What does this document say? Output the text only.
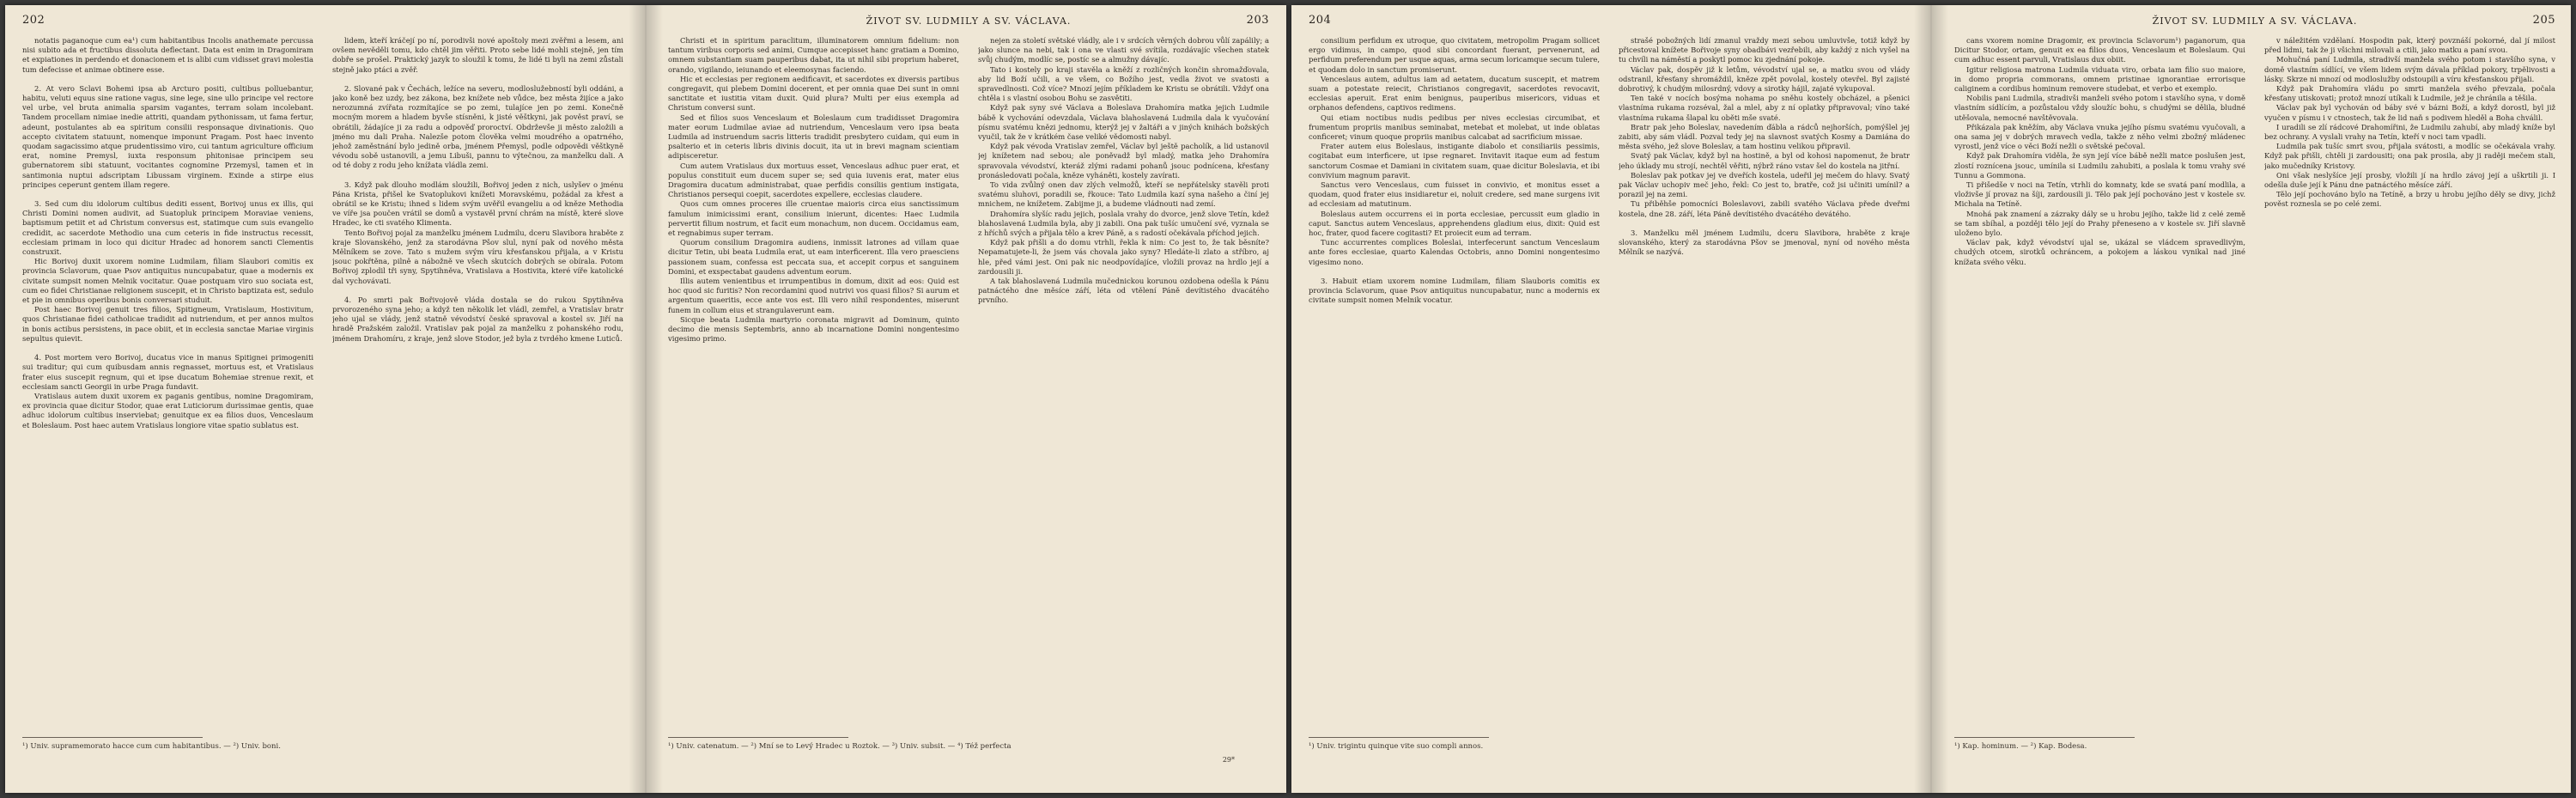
202

notatis paganoque cum ea¹) cum habitantibus Incolis anathemate percussa nisi subito ada et fructibus dissoluta deflectant. Data est enim in Dragomiram et expiationes in perdendo et donacionem et is alibi cum vidisset gravi molestia tum defecisse et animae obtinere esse.

2. At vero Sclavi Bohemi ipsa ab Arcturo positi, cultibus polluebantur, habitu, veluti equus sine ratione vagus, sine lege, sine ullo principe vel rectore vel urbe, vel bruta animalia sparsim vagantes, terram solam incolebant. Tandem procellam nimiae inedie attriti, quandam pythonissam, ut fama fertur, adeunt, postulantes ab ea spiritum consilii responsaque divinationis. Quo accepto civitatem statuunt, nomenque imponunt Pragam. Post haec invento quodam sagacissimo atque prudentissimo viro, cui tantum agriculture officium erat, nomine Premysl, iuxta responsum phitonisae principem seu gubernatorem sibi statuunt, vocitantes cognomine Przemysl, tamen et in santimonia nuptui adscriptam Libussam virginem. Exinde a stirpe eius principes ceperunt gentem illam regere.

3. Sed cum diu idolorum cultibus dediti essent, Borivoj unus ex illis, qui Christi Domini nomen audivit, ad Suatopluk principem Moraviae veniens, baptismum petiit et ad Christum conversus est, statimque cum suis evangelio credidit, ac sacerdote Methodio una cum ceteris in fide instructus recessit, ecclesiam primam in loco qui dicitur Hradec ad honorem sancti Clementis construxit.

Hic Borivoj duxit uxorem nomine Ludmilam, filiam Slaubori comitis ex provincia Sclavorum, quae Psov antiquitus nuncupabatur, quae a modernis ex civitate sumpsit nomen Melnik vocitatur. Quae postquam viro suo sociata est, cum eo fidei Christianae religionem suscepit, et in Christo baptizata est, sedulo et pie in omnibus operibus bonis conversari studuit.

Post haec Borivoj genuit tres filios, Spitigneum, Vratislaum, Hostivitum, quos Christianae fidei catholicae tradidit ad nutriendum, et per annos multos in bonis actibus persistens, in pace obiit, et in ecclesia sanctae Mariae virginis sepultus quievit.

4. Post mortem vero Borivoj, ducatus vice in manus Spitignei primogeniti sui traditur; qui cum quibusdam annis regnasset, mortuus est, et Vratislaus frater eius suscepit regnum, qui et ipse ducatum Bohemiae strenue rexit, et ecclesiam sancti Georgii in urbe Praga fundavit.

Vratislaus autem duxit uxorem ex paganis gentibus, nomine Dragomiram, ex provincia quae dicitur Stodor, quae erat Luticiorum durissimae gentis, quae adhuc idolorum cultibus inserviebat; genuitque ex ea filios duos, Venceslaum et Boleslaum. Post haec autem Vratislaus longiore vitae spatio sublatus est.

lidem, kteří kráčejí po ní, porodivši nové apoštoly mezi zvěřmi a lesem, ani ovšem nevěděli tomu, kdo chtěl jim věřiti. Proto sebe lidé mohli stejně, jen tím dobře se prošel. Praktický jazyk to sloužil k tomu, že lidé ti byli na zemi zůstali stejně jako ptáci a zvěř.

2. Slované pak v Čechách, ležíce na severu, modloslužebností byli oddáni, a jako koně bez uzdy, bez zákona, bez knížete neb vůdce, bez města žijíce a jako nerozumná zvířata rozmítajíce se po zemi, tulajíce jen po zemi. Konečně mocným morem a hladem byvše stísněni, k jisté věštkyni, jak pověst praví, se obrátili, žádajíce ji za radu a odpověď proroctví. Obdrževše ji město založili a jméno mu dali Praha. Nalezše potom člověka velmi moudrého a opatrného, jehož zaměstnání bylo jedině orba, jménem Přemysl, podle odpovědi věštkyně vévodu sobě ustanovili, a jemu Libuši, pannu to výtečnou, za manželku dali. A od té doby z rodu jeho knížata vládla zemi.

3. Když pak dlouho modlám sloužili, Bořivoj jeden z nich, uslyšev o jménu Pána Krista, přišel ke Svatoplukovi knížeti Moravskému, požádal za křest a obrátil se ke Kristu; ihned s lidem svým uvěřil evangeliu a od kněze Methodia ve víře jsa poučen vrátil se domů a vystavěl první chrám na místě, které slove Hradec, ke cti svatého Klimenta.

Tento Bořivoj pojal za manželku jménem Ludmilu, dceru Slavibora hraběte z kraje Slovanského, jenž za starodávna Pšov slul, nyní pak od nového města Mělníkem se zove. Tato s mužem svým víru křesťanskou přijala, a v Kristu jsouc pokřtěna, pilně a nábožně ve všech skutcích dobrých se obírala. Potom Bořivoj zplodil tři syny, Spytihněva, Vratislava a Hostivita, které víře katolické dal vychovávati.

4. Po smrti pak Bořivojově vláda dostala se do rukou Spytihněva prvorozeného syna jeho; a když ten několik let vládl, zemřel, a Vratislav bratr jeho ujal se vlády, jenž statně vévodství české spravoval a kostel sv. Jiří na hradě Pražském založil. Vratislav pak pojal za manželku z pohanského rodu, jménem Drahomíru, z kraje, jenž slove Stodor, jež byla z tvrdého kmene Luticů.

¹) Univ. supramemorato hacce cum cum habitantibus. — ²) Univ. boni.
ŽIVOT SV. LUDMILY A SV. VÁCLAVA.	203

Christi et in spiritum paraclitum, illuminatorem omnium fidelium: non tantum viribus corporis sed animi, Cumque accepisset hanc gratiam a Domino, omnem substantiam suam pauperibus dabat, ita ut nihil sibi proprium haberet, orando, vigilando, ieiunando et eleemosynas faciendo.

Hic et ecclesias per regionem aedificavit, et sacerdotes ex diversis partibus congregavit, qui plebem Domini docerent, et per omnia quae Dei sunt in omni sanctitate et iustitia vitam duxit. Quid plura? Multi per eius exempla ad Christum conversi sunt.

Sed et filios suos Venceslaum et Boleslaum cum tradidisset Dragomira mater eorum Ludmilae aviae ad nutriendum, Venceslaum vero ipsa beata Ludmila ad instruendum sacris litteris tradidit presbytero cuidam, qui eum in psalterio et in ceteris libris divinis docuit, ita ut in brevi magnam scientiam adipisceretur.

Cum autem Vratislaus dux mortuus esset, Venceslaus adhuc puer erat, et populus constituit eum ducem super se; sed quia iuvenis erat, mater eius Dragomira ducatum administrabat, quae perfidis consiliis gentium instigata, Christianos persequi coepit, sacerdotes expellere, ecclesias claudere.

Quos cum omnes proceres ille cruentae maioris circa eius sanctissimum famulum inimicissimi erant, consilium inierunt, dicentes: Haec Ludmila pervertit filium nostrum, et facit eum monachum, non ducem. Occidamus eam, et regnabimus super terram.

Quorum consilium Dragomira audiens, inmissit latrones ad villam quae dicitur Tetin, ubi beata Ludmila erat, ut eam interficerent. Illa vero praesciens passionem suam, confessa est peccata sua, et accepit corpus et sanguinem Domini, et exspectabat gaudens adventum eorum.

Illis autem venientibus et irrumpentibus in domum, dixit ad eos: Quid est hoc quod sic furitis? Non recordamini quod nutrivi vos quasi filios? Si aurum et argentum quaeritis, ecce ante vos est. Illi vero nihil respondentes, miserunt funem in collum eius et strangulaverunt eam.

Sicque beata Ludmila martyrio coronata migravit ad Dominum, quinto decimo die mensis Septembris, anno ab incarnatione Domini nongentesimo vigesimo primo.

nejen za století světské vládly, ale i v srdcích věrných dobrou vůlí zapálily; a jako slunce na nebi, tak i ona ve vlasti své svítila, rozdávajíc všechen statek svůj chudým, modlíc se, postíc se a almužny dávajíc.

Tato i kostely po kraji stavěla a kněží z rozličných končin shromažďovala, aby lid Boží učili, a ve všem, co Božího jest, vedla život ve svatosti a spravedlnosti. Což více? Mnozí jejím příkladem ke Kristu se obrátili. Vždyť ona chtěla i s vlastní osobou Bohu se zasvětiti.

Když pak syny své Václava a Boleslava Drahomíra matka jejich Ludmile bábě k vychování odevzdala, Václava blahoslavená Ludmila dala k vyučování písmu svatému knězi jednomu, kterýž jej v žaltáři a v jiných knihách božských vyučil, tak že v krátkém čase veliké vědomosti nabyl.

Když pak vévoda Vratislav zemřel, Václav byl ještě pacholík, a lid ustanovil jej knížetem nad sebou; ale poněvadž byl mladý, matka jeho Drahomíra spravovala vévodství, kteráž zlými radami pohanů jsouc podnícena, křesťany pronásledovati počala, kněze vyháněti, kostely zavírati.

To vida zvůlný onen dav zlých velmožů, kteří se nepřátelsky stavěli proti svatému sluhovi, poradili se, řkouce: Tato Ludmila kazí syna našeho a činí jej mnichem, ne knížetem. Zabijme ji, a budeme vládnouti nad zemí.

Drahomíra slyšíc radu jejich, poslala vrahy do dvorce, jenž slove Tetín, kdež blahoslavená Ludmila byla, aby ji zabili. Ona pak tušíc umučení své, vyznala se z hříchů svých a přijala tělo a krev Páně, a s radostí očekávala příchod jejich.

Když pak přišli a do domu vtrhli, řekla k nim: Co jest to, že tak běsníte? Nepamatujete-li, že jsem vás chovala jako syny? Hledáte-li zlato a stříbro, aj hle, před vámi jest. Oni pak nic neodpovídajíce, vložili provaz na hrdlo její a zardousili ji.

A tak blahoslavená Ludmila mučednickou korunou ozdobena odešla k Pánu patnáctého dne měsíce září, léta od vtělení Páně devítistého dvacátého prvního.

¹) Univ. catenatum. — ²) Mní se to Levý Hradec u Roztok. — ³) Univ. subsit. — ⁴) Též perfecta
29*
204

consilium perfidum ex utroque, quo civitatem, metropolim Pragam sollicet ergo vidimus, in campo, quod sibi concordant fuerant, pervenerunt, ad perfidum preferendum per usque aquas, arma secum loricamque secum tulere, et quodam dolo in sanctum promiserunt.

Venceslaus autem, adultus iam ad aetatem, ducatum suscepit, et matrem suam a potestate reiecit, Christianos congregavit, sacerdotes revocavit, ecclesias aperuit. Erat enim benignus, pauperibus misericors, viduas et orphanos defendens, captivos redimens.

Qui etiam noctibus nudis pedibus per nives ecclesias circumibat, et frumentum propriis manibus seminabat, metebat et molebat, ut inde oblatas conficeret; vinum quoque propriis manibus calcabat ad sacrificium missae.

Frater autem eius Boleslaus, instigante diabolo et consiliariis pessimis, cogitabat eum interficere, ut ipse regnaret. Invitavit itaque eum ad festum sanctorum Cosmae et Damiani in civitatem suam, quae dicitur Boleslavia, et ibi convivium magnum paravit.

Sanctus vero Venceslaus, cum fuisset in convivio, et monitus esset a quodam, quod frater eius insidiaretur ei, noluit credere, sed mane surgens ivit ad ecclesiam ad matutinum.

Boleslaus autem occurrens ei in porta ecclesiae, percussit eum gladio in caput. Sanctus autem Venceslaus, apprehendens gladium eius, dixit: Quid est hoc, frater, quod facere cogitasti? Et proiecit eum ad terram.

Tunc accurrentes complices Boleslai, interfecerunt sanctum Venceslaum ante fores ecclesiae, quarto Kalendas Octobris, anno Domini nongentesimo vigesimo nono.

3. Habuit etiam uxorem nomine Ludmilam, filiam Slauboris comitis ex provincia Sclavorum, quae Psov antiquitus nuncupabatur, nunc a modernis ex civitate sumpsit nomen Melnik vocatur.

strašé pobožných lidí zmanul vraždy mezi sebou umluvivše, totiž když by přicestoval knížete Bořivoje syny obadbávi vezřebili, aby každý z nich vyšel na tu chvíli na náměstí a poskytl pomoc ku zjednání pokoje.

Václav pak, dospěv již k letům, vévodství ujal se, a matku svou od vlády odstranil, křesťany shromáždil, kněze zpět povolal, kostely otevřel. Byl zajisté dobrotivý, k chudým milosrdný, vdovy a sirotky hájil, zajaté vykupoval.

Ten také v nocích bosýma nohama po sněhu kostely obcházel, a pšenici vlastníma rukama rozséval, žal a mlel, aby z ní oplatky připravoval; víno také vlastníma rukama šlapal ku oběti mše svaté.

Bratr pak jeho Boleslav, navedením ďábla a rádců nejhorších, pomýšlel jej zabiti, aby sám vládl. Pozval tedy jej na slavnost svatých Kosmy a Damiána do města svého, jež slove Boleslav, a tam hostinu velikou připravil.

Svatý pak Václav, když byl na hostině, a byl od kohosi napomenut, že bratr jeho úklady mu strojí, nechtěl věřiti, nýbrž ráno vstav šel do kostela na jitřní.

Boleslav pak potkav jej ve dveřích kostela, udeřil jej mečem do hlavy. Svatý pak Václav uchopiv meč jeho, řekl: Co jest to, bratře, což jsi učiniti umínil? a porazil jej na zemi.

Tu přiběhše pomocníci Boleslavovi, zabili svatého Václava přede dveřmi kostela, dne 28. září, léta Páně devítistého dvacátého devátého.

3. Manželku měl jménem Ludmilu, dceru Slavibora, hraběte z kraje slovanského, který za starodávna Pšov se jmenoval, nyní od nového města Mělník se nazývá.

¹) Univ. trigintu quinque vite suo compli annos.
ŽIVOT SV. LUDMILY A SV. VÁCLAVA.	205

cans vxorem nomine Dragomir, ex provincia Sclavorum¹) paganorum, qua Dicitur Stodor, ortam, genuit ex ea filios duos, Venceslaum et Boleslaum. Qui cum adhuc essent parvuli, Vratislaus dux obiit.

Igitur religiosa matrona Ludmila viduata viro, orbata iam filio suo maiore, in domo propria commorans, omnem pristinae ignorantiae errorisque caliginem a cordibus hominum removere studebat, et verbo et exemplo.

Nobilis pani Ludmila, stradivši manželi svého potom i stavšího syna, v domě vlastním sídlícím, a pozůstalou vždy sloužíc bohu, s chudými se dělila, bludné utěšovala, nemocné navštěvovala.

Přikázala pak kněžím, aby Václava vnuka jejího písmu svatému vyučovali, a ona sama jej v dobrých mravech vedla, takže z něho velmi zbožný mládenec vyrostl, jenž více o věci Boží nežli o světské pečoval.

Když pak Drahomíra viděla, že syn její více bábě nežli matce poslušen jest, zlostí roznícena jsouc, umínila si Ludmilu zahubiti, a poslala k tomu vrahy své Tunnu a Gommona.

Ti přišedše v noci na Tetín, vtrhli do komnaty, kde se svatá paní modlila, a vloživše jí provaz na šíji, zardousili ji. Tělo pak její pochováno jest v kostele sv. Michala na Tetíně.

Mnohá pak znamení a zázraky dály se u hrobu jejího, takže lid z celé země se tam sbíhal, a později tělo její do Prahy přeneseno a v kostele sv. Jiří slavně uloženo bylo.

Václav pak, když vévodství ujal se, ukázal se vládcem spravedlivým, chudých otcem, sirotků ochráncem, a pokojem a láskou vynikal nad jiné knížata svého věku.

v náležitém vzdělaní. Hospodin pak, který povznáší pokorné, dal jí milost před lidmi, tak že ji všichni milovali a ctili, jako matku a paní svou.

Mohučná paní Ludmila, stradivší manžela svého potom i stavšího syna, v domě vlastním sídlící, ve všem lidem svým dávala příklad pokory, trpělivosti a lásky. Skrze ni mnozí od modloslužby odstoupili a víru křesťanskou přijali.

Když pak Drahomíra vládu po smrti manžela svého převzala, počala křesťany utiskovati; protož mnozí utíkali k Ludmile, jež je chránila a těšila.

Václav pak byl vychován od báby své v bázni Boží, a když dorostl, byl již vyučen v písmu i v ctnostech, tak že lid naň s podivem hleděl a Boha chválil.

I uradili se zlí rádcové Drahomířini, že Ludmilu zahubí, aby mladý kníže byl bez ochrany. A vyslali vrahy na Tetín, kteří v noci tam vpadli.

Ludmila pak tušíc smrt svou, přijala svátosti, a modlíc se očekávala vrahy. Když pak přišli, chtěli ji zardousiti; ona pak prosila, aby ji raději mečem stali, jako mučedníky Kristovy.

Oni však neslyšíce její prosby, vložili jí na hrdlo závoj její a uškrtili ji. I odešla duše její k Pánu dne patnáctého měsíce září.

Tělo její pochováno bylo na Tetíně, a brzy u hrobu jejího děly se divy, jichž pověst roznesla se po celé zemi.

¹) Kap. hominum. — ²) Kap. Bodesa.
